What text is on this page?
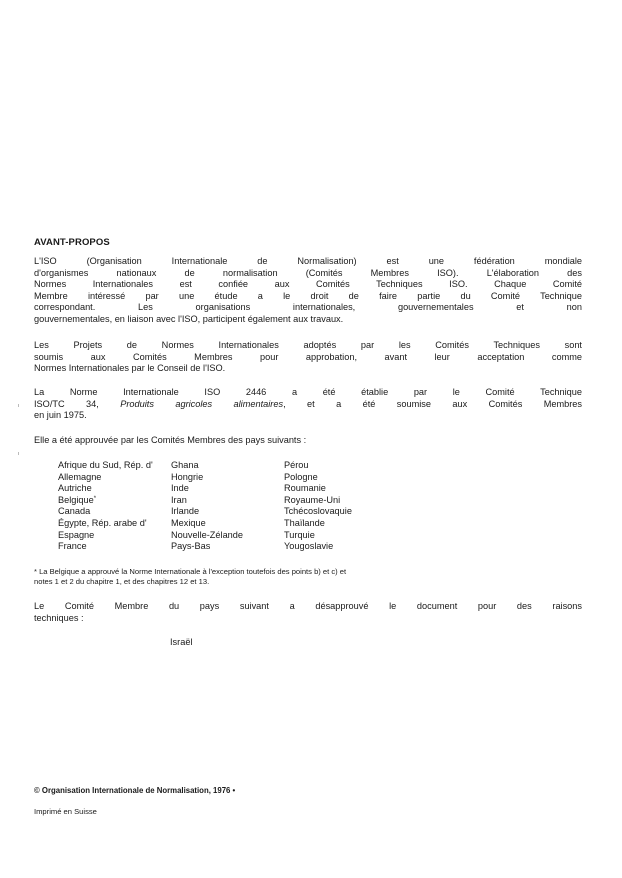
AVANT-PROPOS
L'ISO (Organisation Internationale de Normalisation) est une fédération mondiale
d'organismes nationaux de normalisation (Comités Membres ISO). L'élaboration des
Normes Internationales est confiée aux Comités Techniques ISO. Chaque Comité
Membre intéressé par une étude a le droit de faire partie du Comité Technique
correspondant. Les organisations internationales, gouvernementales et non
gouvernementales, en liaison avec l'ISO, participent également aux travaux.
Les Projets de Normes Internationales adoptés par les Comités Techniques sont
soumis aux Comités Membres pour approbation, avant leur acceptation comme
Normes Internationales par le Conseil de l'ISO.
La Norme Internationale ISO 2446 a été établie par le Comité Technique
ISO/TC 34, Produits agricoles alimentaires, et a été soumise aux Comités Membres
en juin 1975.
Elle a été approuvée par les Comités Membres des pays suivants :
Afrique du Sud, Rép. d'
Allemagne
Autriche
Belgique*
Canada
Égypte, Rép. arabe d'
Espagne
France
Ghana
Hongrie
Inde
Iran
Irlande
Mexique
Nouvelle-Zélande
Pays-Bas
Pérou
Pologne
Roumanie
Royaume-Uni
Tchécoslovaquie
Thaïlande
Turquie
Yougoslavie
* La Belgique a approuvé la Norme Internationale à l'exception toutefois des points b) et c) et
notes 1 et 2 du chapitre 1, et des chapitres 12 et 13.
Le Comité Membre du pays suivant a désapprouvé le document pour des raisons
techniques :
Israël
© Organisation Internationale de Normalisation, 1976 •
Imprimé en Suisse
